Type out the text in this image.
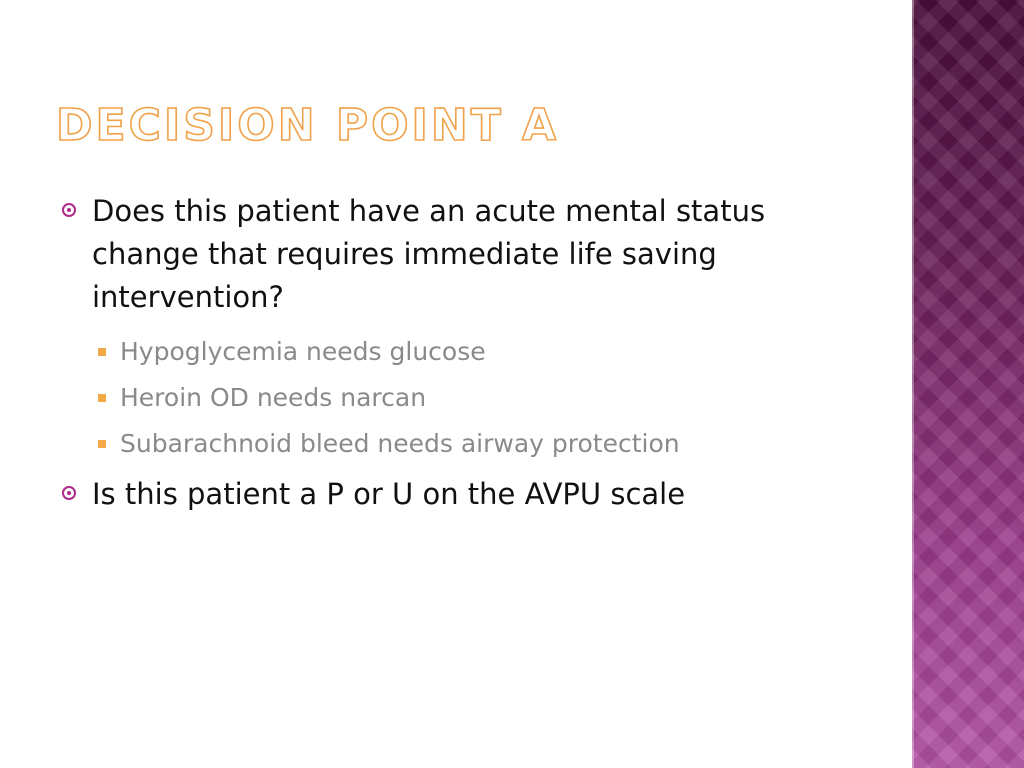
DECISION POINT A
Does this patient have an acute mental status change that requires immediate life saving intervention?
Hypoglycemia needs glucose
Heroin OD needs narcan
Subarachnoid bleed needs airway protection
Is this patient a P or U on the AVPU scale
